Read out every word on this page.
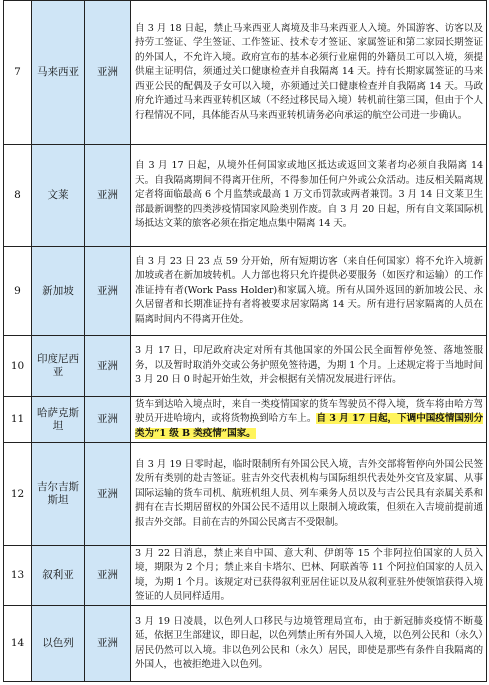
7	马来西亚	亚洲	自 3 月 18 日起，禁止马来西亚人离境及非马来西亚人入境。外国游客、访客以及持劳工签证、学生签证、工作签证、技术专才签证、家属签证和第二家园长期签证的外国人，不允许入境。政府宣布的基本必须行业雇佣的外籍员工可以入境，须提供雇主证明信，须通过关口健康检查并自我隔离 14 天。持有长期家属签证的马来西亚公民的配偶及子女可以入境，亦须通过关口健康检查并自我隔离 14 天。马政府允许通过马来西亚转机区域（不经过移民局入境）转机前往第三国，但由于个人行程情况不同，具体能否从马来西亚转机请务必向承运的航空公司进一步确认。
8	文莱	亚洲	自 3 月 17 日起，从境外任何国家或地区抵达或返回文莱者均必须自我隔离 14 天。自我隔离期间不得离开住所，不得参加任何户外或公众活动。违反相关隔离规定者将面临最高 6 个月监禁或最高 1 万文币罚款或两者兼罚。3 月 14 日文莱卫生部最新调整的四类涉疫情国家风险类别作废。自 3 月 20 日起，所有自文莱国际机场抵达文莱的旅客必须在指定地点集中隔离 14 天。
9	新加坡	亚洲	自 3 月 23 日 23 点 59 分开始，所有短期访客（来自任何国家）将不允许入境新加坡或者在新加坡转机。人力部也将只允许提供必要服务（如医疗和运输）的工作准证持有者(Work Pass Holder)和家属入境。所有从国外返回的新加坡公民、永久居留者和长期准证持有者将被要求居家隔离 14 天。所有进行居家隔离的人员在隔离时间内不得离开住处。
10	印度尼西亚	亚洲	3 月 17 日，印尼政府决定对所有其他国家的外国公民全面暂停免签、落地签服务，以及暂时取消外交或公务护照免签待遇，为期 1 个月。上述规定将于当地时间 3 月 20 日 0 时起开始生效，并会根据有关情况发展进行评估。
11	哈萨克斯坦	亚洲	货车到达哈入境点时，来自一类疫情国家的货车驾驶员不得入境，货车将由哈方驾驶员开进哈境内，或将货物换到哈方车上。自 3 月 17 日起，下调中国疫情国别分类为“1 级 B 类疫情”国家。
12	吉尔吉斯斯坦	亚洲	自 3 月 19 日零时起，临时限制所有外国公民入境，吉外交部将暂停向外国公民签发所有类别的赴吉签证。驻吉外交代表机构与国际组织代表处外交官及家属、从事国际运输的货车司机、航班机组人员、列车乘务人员以及与吉公民具有亲属关系和拥有在吉长期居留权的外国公民不适用以上限制入境政策，但须在入吉境前提前通报吉外交部。目前在吉的外国公民离吉不受限制。
13	叙利亚	亚洲	3 月 22 日消息，禁止来自中国、意大利、伊朗等 15 个非阿拉伯国家的人员入境，期限为 2 个月；禁止来自卡塔尔、巴林、阿联酋等 11 个阿拉伯国家的人员入境，为期 1 个月。该规定对已获得叙利亚居住证以及从叙利亚驻外使领馆获得入境签证的人员同样适用。
14	以色列	亚洲	3 月 19 日凌晨，以色列人口移民与边境管理局宣布，由于新冠肺炎疫情不断蔓延，依据卫生部建议，即日起，以色列禁止所有外国人入境，以色列公民和（永久）居民仍然可以入境。非以色列公民和（永久）居民，即使是那些有条件自我隔离的外国人，也被拒绝进入以色列。
